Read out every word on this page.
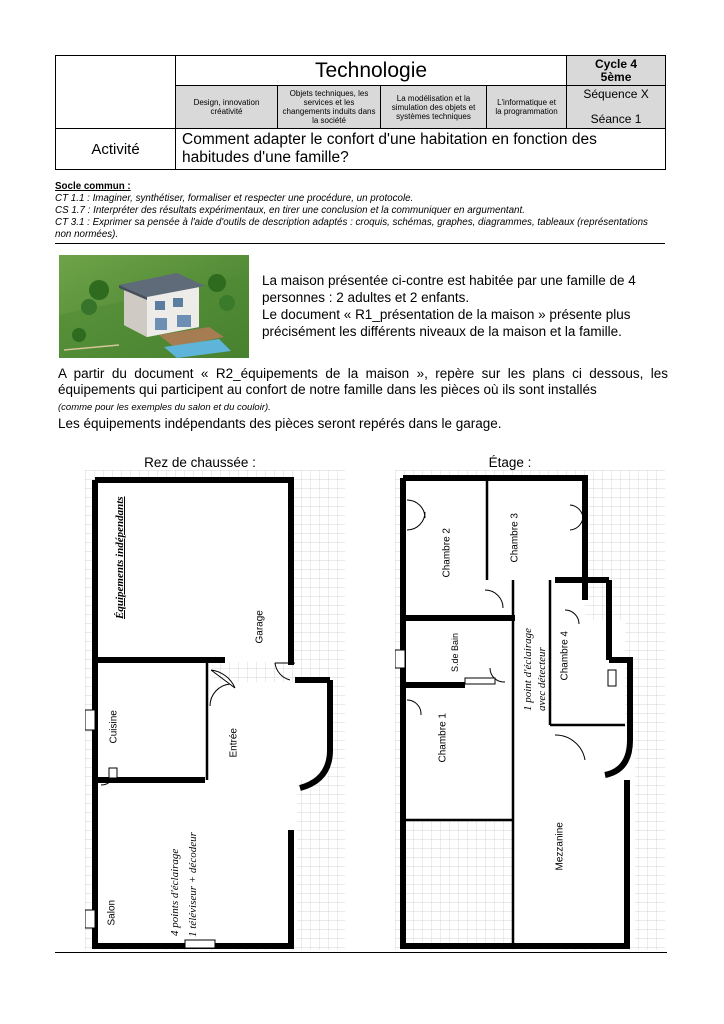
	Technologie				Cycle 4
5ème

	Design, innovation créativité	Objets techniques, les services et les changements induits dans la société	La modélisation et la simulation des objets et systèmes techniques	L'informatique et la programmation	Séquence X
Séance 1

Activité	Comment adapter le confort d'une habitation en fonction des habitudes d'une famille?				
Socle commun :
CT 1.1 : Imaginer, synthétiser, formaliser et respecter une procédure, un protocole.
CS 1.7 : Interpréter des résultats expérimentaux, en tirer une conclusion et la communiquer en argumentant.
CT 3.1 : Exprimer sa pensée à l'aide d'outils de description adaptés : croquis, schémas, graphes, diagrammes, tableaux (représentations non normées).
La maison présentée ci-contre est habitée par une famille de 4 personnes : 2 adultes et 2 enfants.
Le document « R1_présentation de la maison » présente plus précisément les différents niveaux de la maison et la famille.
A partir du document « R2_équipements de la maison », repère sur les plans ci dessous, les équipements qui participent au confort de notre famille dans les pièces où ils sont installés
(comme pour les exemples du salon et du couloir).
Les équipements indépendants des pièces seront repérés dans le garage.
Rez de chaussée :	Étage :
Équipements indépendants
Garage
Cuisine	Entrée
Salon	4 points d'éclairage 1 téléviseur + décodeur
Chambre 2	Chambre 3
S.de Bain	Chambre 4
Chambre 1
Mezzanine
1 point d'éclairage avec détecteur
